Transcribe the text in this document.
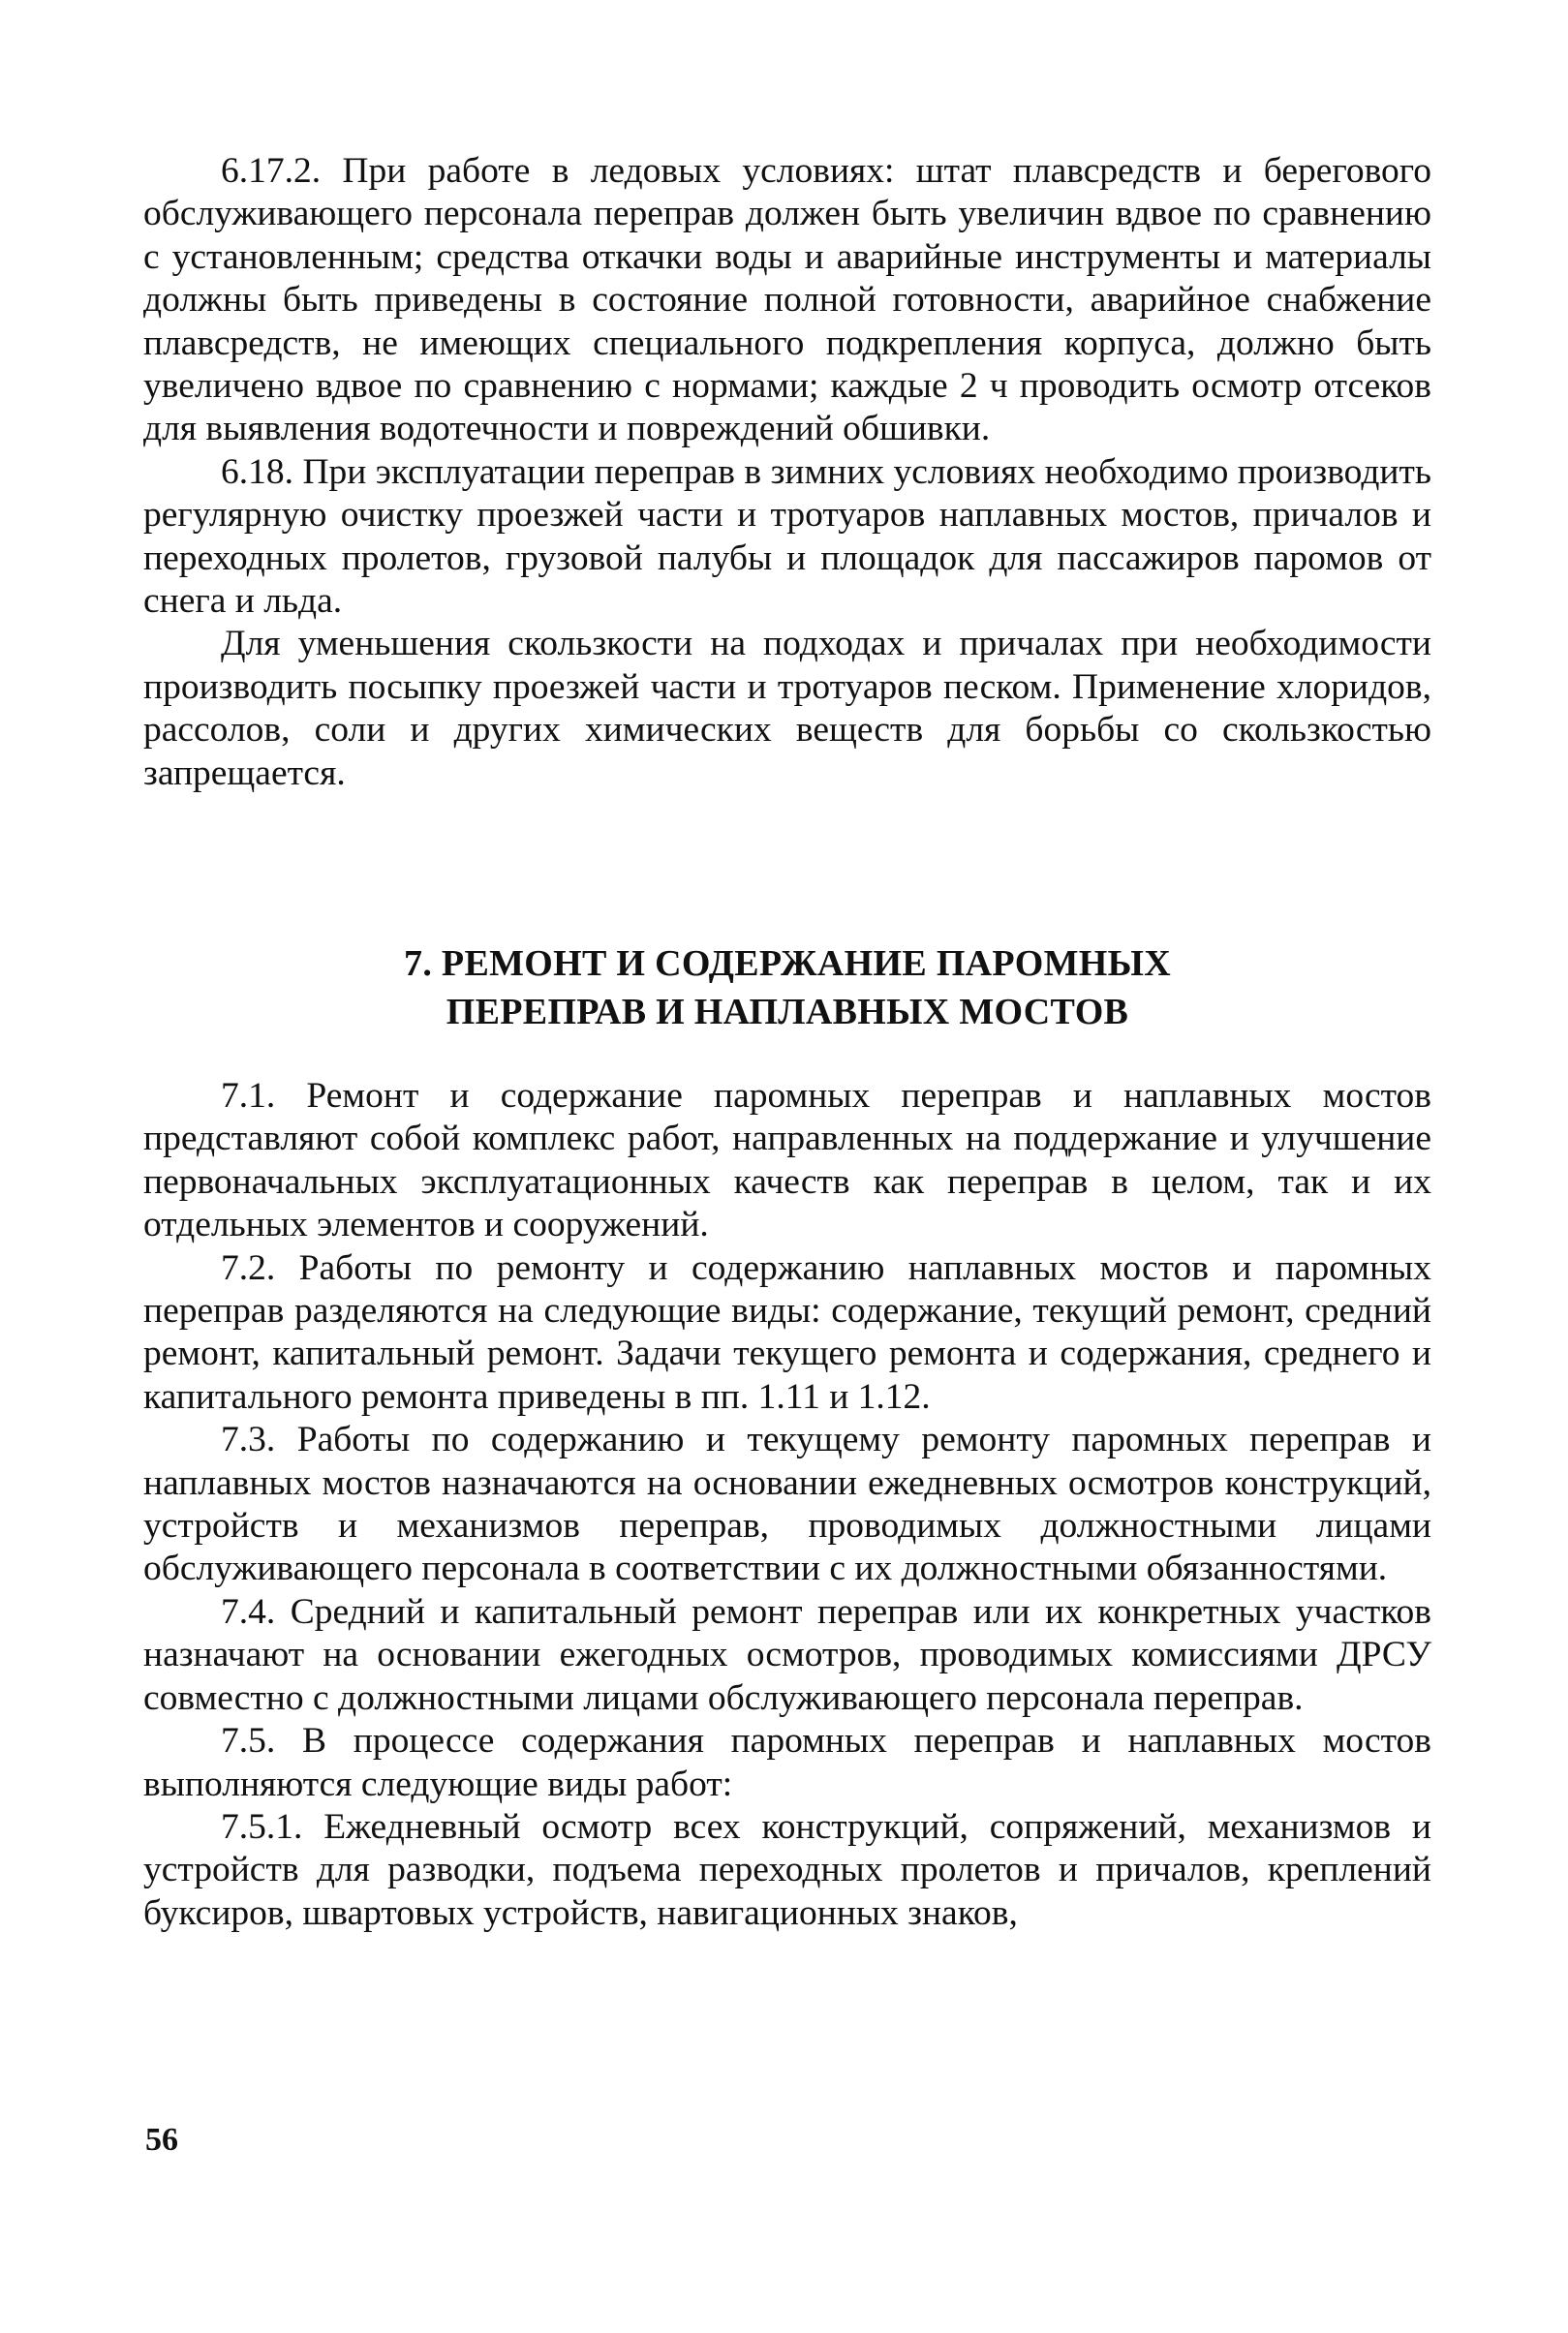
6.17.2. При работе в ледовых условиях: штат плавсредств и берегового обслуживающего персонала переправ должен быть увеличин вдвое по сравнению с установленным; средства откачки воды и аварийные инструменты и материалы должны быть приведены в состояние полной готовности, аварийное снабжение плавсредств, не имеющих специального подкрепления корпуса, должно быть увеличено вдвое по сравнению с нормами; каждые 2 ч проводить осмотр отсеков для выявления водотечности и повреждений обшивки.

6.18. При эксплуатации переправ в зимних условиях необходимо производить регулярную очистку проезжей части и тротуаров наплавных мостов, причалов и переходных пролетов, грузовой палубы и площадок для пассажиров паромов от снега и льда.

Для уменьшения скользкости на подходах и причалах при необходимости производить посыпку проезжей части и тротуаров песком. Применение хлоридов, рассолов, соли и других химических веществ для борьбы со скользкостью запрещается.

7. РЕМОНТ И СОДЕРЖАНИЕ ПАРОМНЫХ
ПЕРЕПРАВ И НАПЛАВНЫХ МОСТОВ

7.1. Ремонт и содержание паромных переправ и наплавных мостов представляют собой комплекс работ, направленных на поддержание и улучшение первоначальных эксплуатационных качеств как переправ в целом, так и их отдельных элементов и сооружений.

7.2. Работы по ремонту и содержанию наплавных мостов и паромных переправ разделяются на следующие виды: содержание, текущий ремонт, средний ремонт, капитальный ремонт. Задачи текущего ремонта и содержания, среднего и капитального ремонта приведены в пп. 1.11 и 1.12.

7.3. Работы по содержанию и текущему ремонту паромных переправ и наплавных мостов назначаются на основании ежедневных осмотров конструкций, устройств и механизмов переправ, проводимых должностными лицами обслуживающего персонала в соответствии с их должностными обязанностями.

7.4. Средний и капитальный ремонт переправ или их конкретных участков назначают на основании ежегодных осмотров, проводимых комиссиями ДРСУ совместно с должностными лицами обслуживающего персонала переправ.

7.5. В процессе содержания паромных переправ и наплавных мостов выполняются следующие виды работ:

7.5.1. Ежедневный осмотр всех конструкций, сопряжений, механизмов и устройств для разводки, подъема переходных пролетов и причалов, креплений буксиров, швартовых устройств, навигационных знаков,

56
